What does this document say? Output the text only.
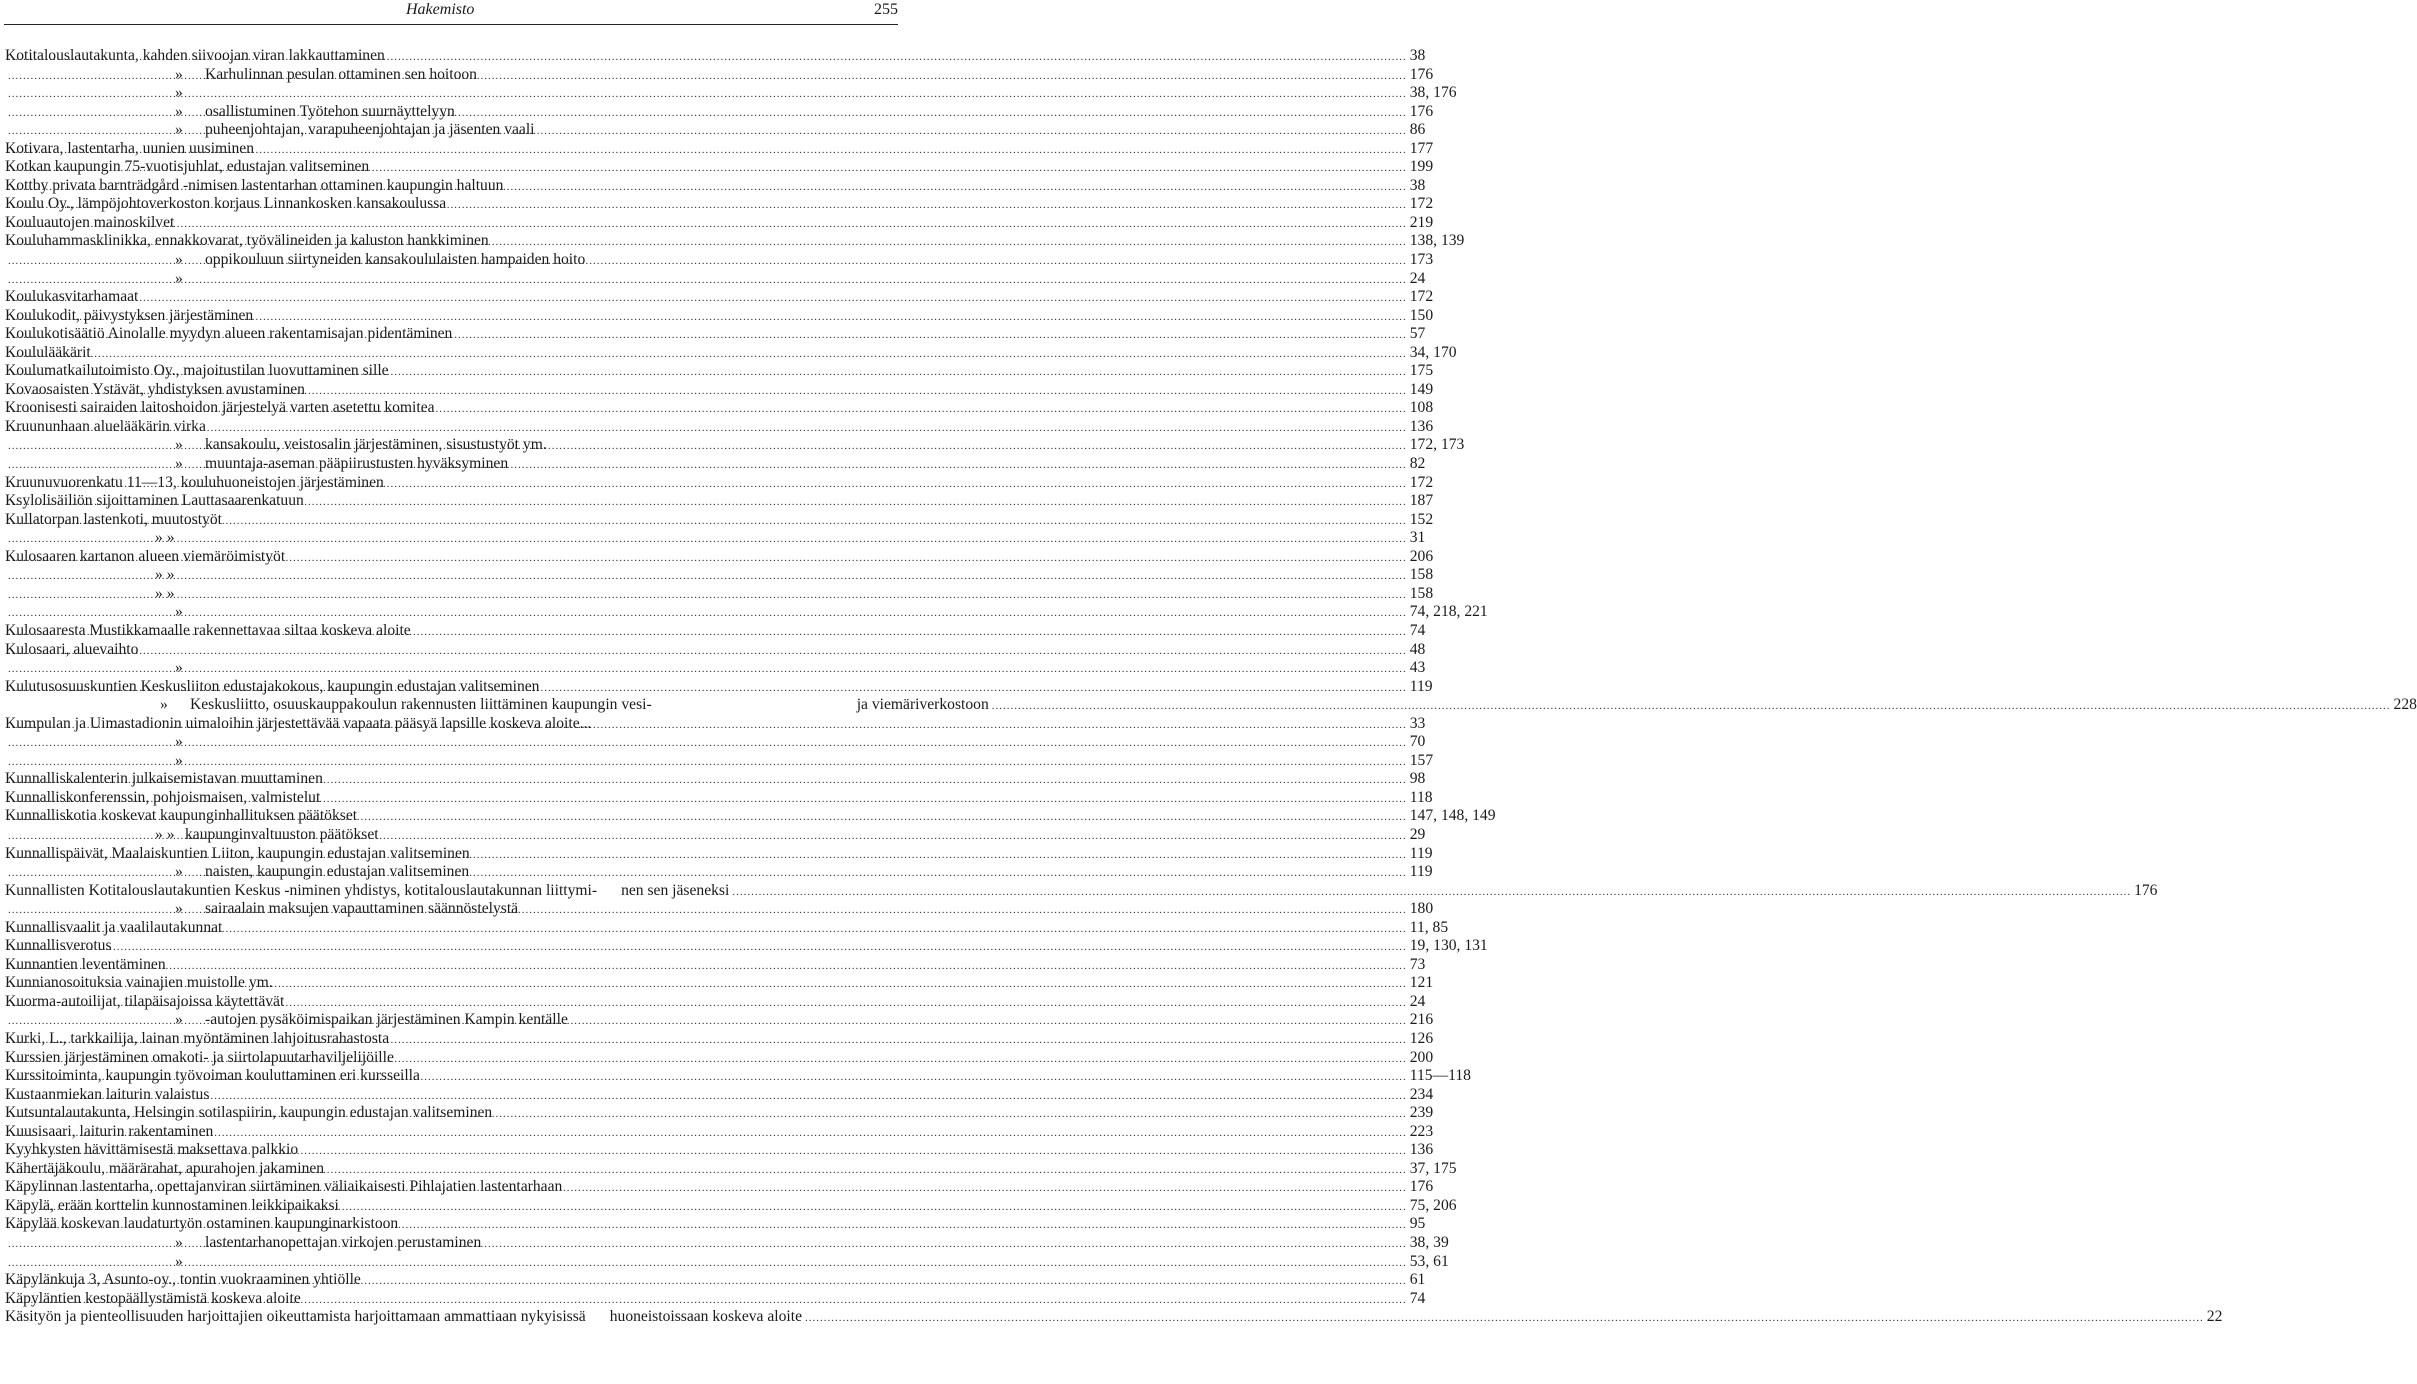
Hakemisto	255
Kotitalouslautakunta, kahden siivoojan viran lakkauttaminen .....	38
»	Karhulinnan pesulan ottaminen sen hoitoon .....	176
» .....	38, 176
»	osallistuminen Työtehon suurnäyttelyyn .....	176
»	puheenjohtajan, varapuheenjohtajan ja jäsenten vaali .....	86
Kotivara, lastentarha, uunien uusiminen .....	177
Kotkan kaupungin 75-vuotisjuhlat, edustajan valitseminen .....	199
Kottby privata barnträdgård -nimisen lastentarhan ottaminen kaupungin haltuun .....	38
Koulu Oy., lämpöjohtoverkoston korjaus Linnankosken kansakoulussa .....	172
Kouluautojen mainoskilvet .....	219
Kouluhammasklinikka, ennakkovarat, työvälineiden ja kaluston hankkiminen .....	138, 139
»	oppikouluun siirtyneiden kansakoululaisten hampaiden hoito .....	173
» .....	24
Koulukasvitarhamaat .....	172
Koulukodit, päivystyksen järjestäminen .....	150
Koulukotisäätiö Ainolalle myydyn alueen rakentamisajan pidentäminen .....	57
Koululääkärit .....	34, 170
Koulumatkailutoimisto Oy., majoitustilan luovuttaminen sille .....	175
Kovaosaisten Ystävät, yhdistyksen avustaminen .....	149
Kroonisesti sairaiden laitoshoidon järjestelyä varten asetettu komitea .....	108
Kruununhaan aluelääkärin virka .....	136
»	kansakoulu, veistosalin järjestäminen, sisustustyöt ym. .....	172, 173
»	muuntaja-aseman pääpiirustusten hyväksyminen .....	82
Kruunuvuorenkatu 11—13, kouluhuoneistojen järjestäminen .....	172
Ksylolisäiliön sijoittaminen Lauttasaarenkatuun .....	187
Kullatorpan lastenkoti, muutostyöt .....	152
» » .....	31
Kulosaaren kartanon alueen viemäröimistyöt .....	206
» » .....	158
» » .....	158
» .....	74, 218, 221
Kulosaaresta Mustikkamaalle rakennettavaa siltaa koskeva aloite .....	74
Kulosaari, aluevaihto .....	48
» .....	43
Kulutusosuuskuntien Keskusliiton edustajakokous, kaupungin edustajan valitseminen .....	119
»	Keskusliitto, osuuskauppakoulun rakennusten liittäminen kaupungin vesi-	ja viemäriverkostoon .....	228
Kumpulan ja Uimastadionin uimaloihin järjestettävää vapaata pääsyä lapsille koskeva aloite... .....	33
» .....	70
» .....	157
Kunnalliskalenterin julkaisemistavan muuttaminen .....	98
Kunnalliskonferenssin, pohjoismaisen, valmistelut .....	118
Kunnalliskotia koskevat kaupunginhallituksen päätökset .....	147, 148, 149
» » kaupunginvaltuuston päätökset .....	29
Kunnallispäivät, Maalaiskuntien Liiton, kaupungin edustajan valitseminen .....	119
»	naisten, kaupungin edustajan valitseminen .....	119
Kunnallisten Kotitalouslautakuntien Keskus -niminen yhdistys, kotitalouslautakunnan liittymi- nen sen jäseneksi .....	176
»	sairaalain maksujen vapauttaminen säännöstelystä .....	180
Kunnallisvaalit ja vaalilautakunnat .....	11, 85
Kunnallisverotus .....	19, 130, 131
Kunnantien leventäminen .....	73
Kunnianosoituksia vainajien muistolle ym. .....	121
Kuorma-autoilijat, tilapäisajoissa käytettävät .....	24
»	-autojen pysäköimispaikan järjestäminen Kampin kentälle .....	216
Kurki, L., tarkkailija, lainan myöntäminen lahjoitusrahastosta .....	126
Kurssien järjestäminen omakoti- ja siirtolapuutarhaviljelijöille .....	200
Kurssitoiminta, kaupungin työvoiman kouluttaminen eri kursseilla .....	115—118
Kustaanmiekan laiturin valaistus .....	234
Kutsuntalautakunta, Helsingin sotilaspiirin, kaupungin edustajan valitseminen .....	239
Kuusisaari, laiturin rakentaminen .....	223
Kyyhkysten hävittämisestä maksettava palkkio .....	136
Kähertäjäkoulu, määrärahat, apurahojen jakaminen .....	37, 175
Käpylinnan lastentarha, opettajanviran siirtäminen väliaikaisesti Pihlajatien lastentarhaan .....	176
Käpylä, erään korttelin kunnostaminen leikkipaikaksi .....	75, 206
Käpylää koskevan laudaturtyön ostaminen kaupunginarkistoon .....	95
»	lastentarhanopettajan virkojen perustaminen .....	38, 39
» .....	53, 61
Käpylänkuja 3, Asunto-oy., tontin vuokraaminen yhtiölle .....	61
Käpyläntien kestopäällystämistä koskeva aloite .....	74
Käsityön ja pienteollisuuden harjoittajien oikeuttamista harjoittamaan ammattiaan nykyisissä huoneistoissaan koskeva aloite .....	22
